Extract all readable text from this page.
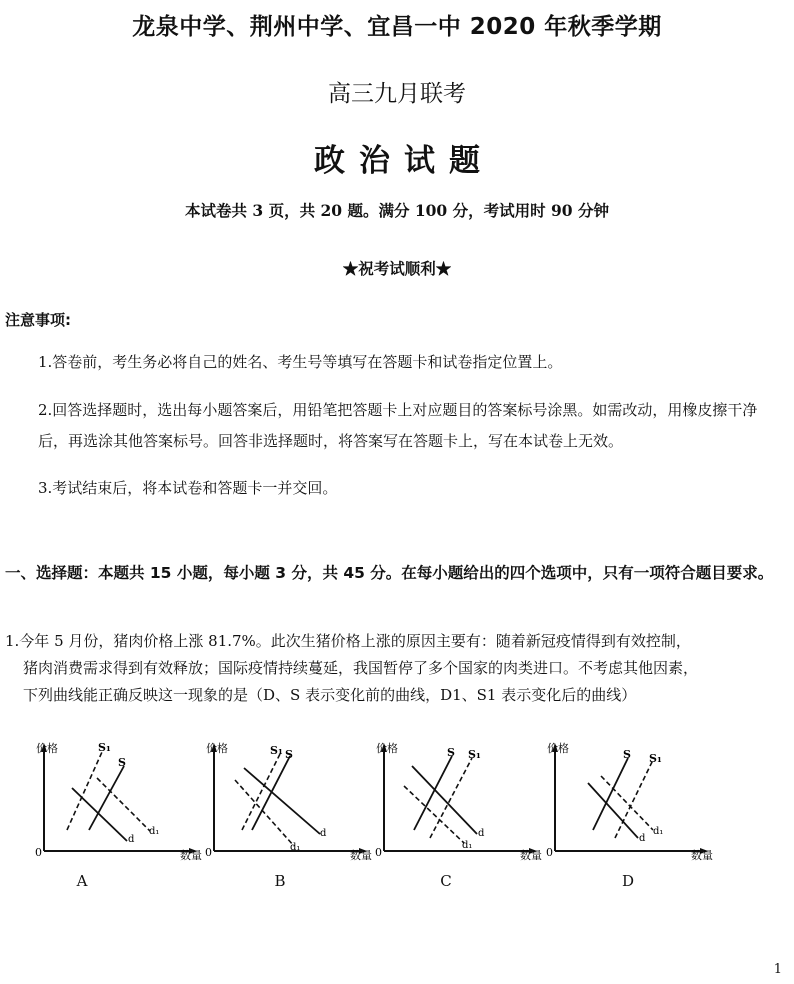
龙泉中学、荆州中学、宜昌一中 2020 年秋季学期
高三九月联考
政治试题
本试卷共 3 页，共 20 题。满分 100 分，考试用时 90 分钟
★祝考试顺利★
注意事项:
1.答卷前，考生务必将自己的姓名、考生号等填写在答题卡和试卷指定位置上。
2.回答选择题时，选出每小题答案后，用铅笔把答题卡上对应题目的答案标号涂黑。如需改动，用橡皮擦干净后，再选涂其他答案标号。回答非选择题时，将答案写在答题卡上，写在本试卷上无效。
3.考试结束后，将本试卷和答题卡一并交回。
一、选择题：本题共 15 小题，每小题 3 分，共 45 分。在每小题给出的四个选项中，只有一项符合题目要求。
1.今年 5 月份，猪肉价格上涨 81.7%。此次生猪价格上涨的原因主要有：随着新冠疫情得到有效控制，
猪肉消费需求得到有效释放；国际疫情持续蔓延，我国暂停了多个国家的肉类进口。不考虑其他因素，
下列曲线能正确反映这一现象的是（D、S 表示变化前的曲线，D1、S1 表示变化后的曲线）
价格
数量
0
S₁
S
d
d₁
价格
数量
0
S₁ S
d
d₁
价格
数量
0
S S₁
d
d₁
价格
数量
0
S S₁
d
d₁
A	B	C	D
1
